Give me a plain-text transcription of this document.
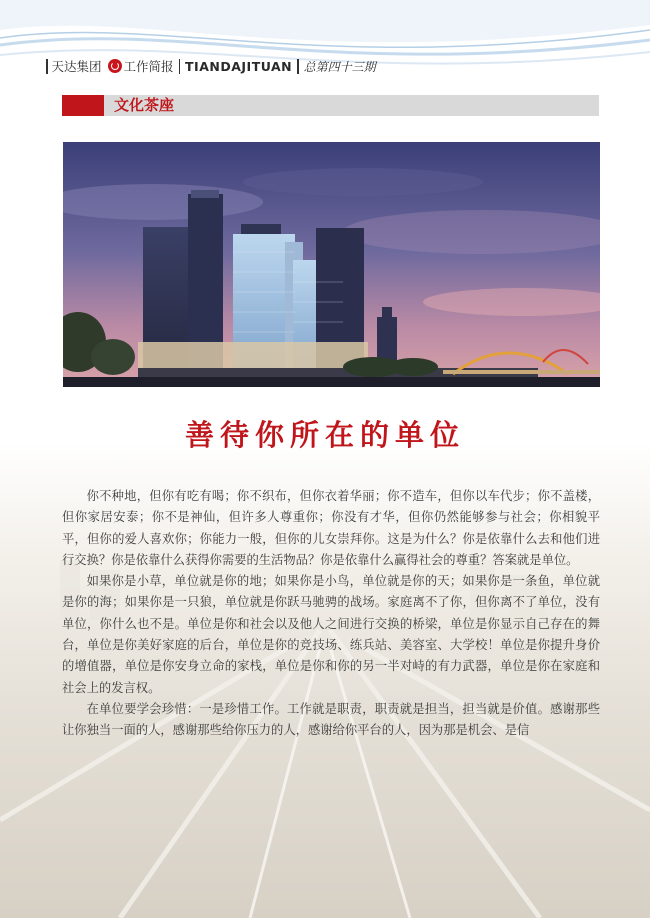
天达集团 工作简报 TIANDAJITUAN 总第四十三期
文化茶座
善待你所在的单位

你不种地，但你有吃有喝；你不织布，但你衣着华丽；你不造车，但你以车代步；你不盖楼，但你家居安泰；你不是神仙，但许多人尊重你；你没有才华，但你仍然能够参与社会；你相貌平平，但你的爱人喜欢你；你能力一般，但你的儿女崇拜你。这是为什么？你是依靠什么去和他们进行交换？你是依靠什么获得你需要的生活物品？你是依靠什么赢得社会的尊重？答案就是单位。

如果你是小草，单位就是你的地；如果你是小鸟，单位就是你的天；如果你是一条鱼，单位就是你的海；如果你是一只狼，单位就是你跃马驰骋的战场。家庭离不了你，但你离不了单位，没有单位，你什么也不是。单位是你和社会以及他人之间进行交换的桥梁，单位是你显示自己存在的舞台，单位是你美好家庭的后台，单位是你的竞技场、练兵站、美容室、大学校！单位是你提升身价的增值器，单位是你安身立命的家栈，单位是你和你的另一半对峙的有力武器，单位是你在家庭和社会上的发言权。

在单位要学会珍惜：一是珍惜工作。工作就是职责，职责就是担当，担当就是价值。感谢那些让你独当一面的人，感谢那些给你压力的人，感谢给你平台的人，因为那是机会、是信
